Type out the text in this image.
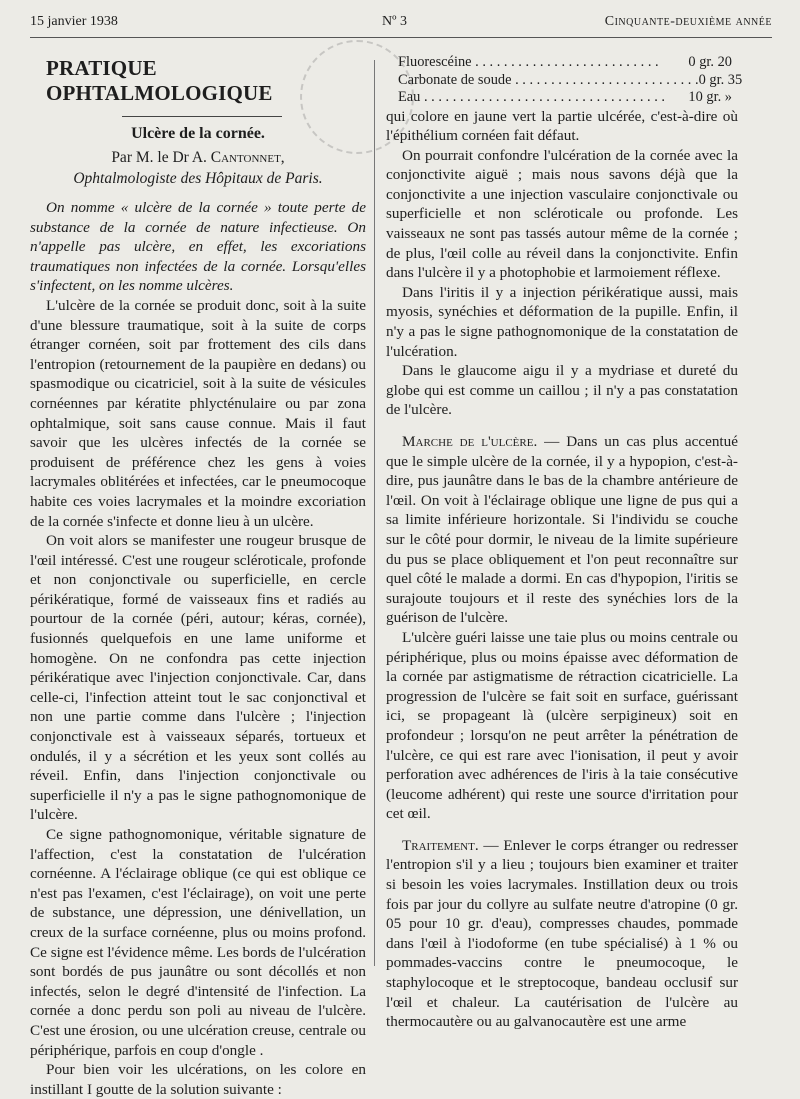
15 janvier 1938	Nº 3	Cinquante-deuxième année
PRATIQUE OPHTALMOLOGIQUE
Ulcère de la cornée.
Par M. le Dr A. Cantonnet,
Ophtalmologiste des Hôpitaux de Paris.

On nomme « ulcère de la cornée » toute perte de substance de la cornée de nature infectieuse. On n'appelle pas ulcère, en effet, les excoriations traumatiques non infectées de la cornée. Lorsqu'elles s'infectent, on les nomme ulcères.

L'ulcère de la cornée se produit donc, soit à la suite d'une blessure traumatique, soit à la suite de corps étranger cornéen, soit par frottement des cils dans l'entropion (retournement de la paupière en dedans) ou spasmodique ou cicatriciel, soit à la suite de vésicules cornéennes par kératite phlycténulaire ou par zona ophtalmique, soit sans cause connue. Mais il faut savoir que les ulcères infectés de la cornée se produisent de préférence chez les gens à voies lacrymales oblitérées et infectées, car le pneumocoque habite ces voies lacrymales et la moindre excoriation de la cornée s'infecte et donne lieu à un ulcère.

On voit alors se manifester une rougeur brusque de l'œil intéressé. C'est une rougeur scléroticale, profonde et non conjonctivale ou superficielle, en cercle périkératique, formé de vaisseaux fins et radiés au pourtour de la cornée (péri, autour; kéras, cornée), fusionnés quelquefois en une lame uniforme et homogène. On ne confondra pas cette injection périkératique avec l'injection conjonctivale. Car, dans celle-ci, l'infection atteint tout le sac conjonctival et non une partie comme dans l'ulcère ; l'injection conjonctivale est à vaisseaux séparés, tortueux et ondulés, il y a sécrétion et les yeux sont collés au réveil. Enfin, dans l'injection conjonctivale ou superficielle il n'y a pas le signe pathognomonique de l'ulcère.

Ce signe pathognomonique, véritable signature de l'affection, c'est la constatation de l'ulcération cornéenne. A l'éclairage oblique (ce qui est oblique ce n'est pas l'examen, c'est l'éclairage), on voit une perte de substance, une dépression, une dénivellation, un creux de la surface cornéenne, plus ou moins profond. Ce signe est l'évidence même. Les bords de l'ulcération sont bordés de pus jaunâtre ou sont décollés et non infectés, selon le degré d'intensité de l'infection. La cornée a donc perdu son poli au niveau de l'ulcère. C'est une érosion, ou une ulcération creuse, centrale ou périphérique, parfois en coup d'ongle .

Pour bien voir les ulcérations, on les colore en instillant I goutte de la solution suivante :

Fluorescéine . . . . . . . . . . . . . . . . . . . . . . . . . .	0 gr. 20
Carbonate de soude . . . . . . . . . . . . . . . . . . . . . . . . . . 0 gr. 35
Eau . . . . . . . . . . . . . . . . . . . . . . . . . . . . . . . . . .	10 gr. »

qui colore en jaune vert la partie ulcérée, c'est-à-dire où l'épithélium cornéen fait défaut.

On pourrait confondre l'ulcération de la cornée avec la conjonctivite aiguë ; mais nous savons déjà que la conjonctivite a une injection vasculaire conjonctivale ou superficielle et non scléroticale ou profonde. Les vaisseaux ne sont pas tassés autour même de la cornée ; de plus, l'œil colle au réveil dans la conjonctivite. Enfin dans l'ulcère il y a photophobie et larmoiement réflexe.

Dans l'iritis il y a injection périkératique aussi, mais myosis, synéchies et déformation de la pupille. Enfin, il n'y a pas le signe pathognomonique de la constatation de l'ulcération.

Dans le glaucome aigu il y a mydriase et dureté du globe qui est comme un caillou ; il n'y a pas constatation de l'ulcère.

Marche de l'ulcère. — Dans un cas plus accentué que le simple ulcère de la cornée, il y a hypopion, c'est-à-dire, pus jaunâtre dans le bas de la chambre antérieure de l'œil. On voit à l'éclairage oblique une ligne de pus qui a sa limite inférieure horizontale. Si l'individu se couche sur le côté pour dormir, le niveau de la limite supérieure du pus se place obliquement et l'on peut reconnaître sur quel côté le malade a dormi. En cas d'hypopion, l'iritis se surajoute toujours et il reste des synéchies lors de la guérison de l'ulcère.

L'ulcère guéri laisse une taie plus ou moins centrale ou périphérique, plus ou moins épaisse avec déformation de la cornée par astigmatisme de rétraction cicatricielle. La progression de l'ulcère se fait soit en surface, guérissant ici, se propageant là (ulcère serpigineux) soit en profondeur ; lorsqu'on ne peut arrêter la pénétration de l'ulcère, ce qui est rare avec l'ionisation, il peut y avoir perforation avec adhérences de l'iris à la taie consécutive (leucome adhérent) qui reste une source d'irritation pour cet œil.

Traitement. — Enlever le corps étranger ou redresser l'entropion s'il y a lieu ; toujours bien examiner et traiter si besoin les voies lacrymales. Instillation deux ou trois fois par jour du collyre au sulfate neutre d'atropine (0 gr. 05 pour 10 gr. d'eau), compresses chaudes, pommade dans l'œil à l'iodoforme (en tube spécialisé) à 1 % ou pommades-vaccins contre le pneumocoque, le staphylocoque et le streptocoque, bandeau occlusif sur l'œil et chaleur. La cautérisation de l'ulcère au thermocautère ou au galvanocautère est une arme
